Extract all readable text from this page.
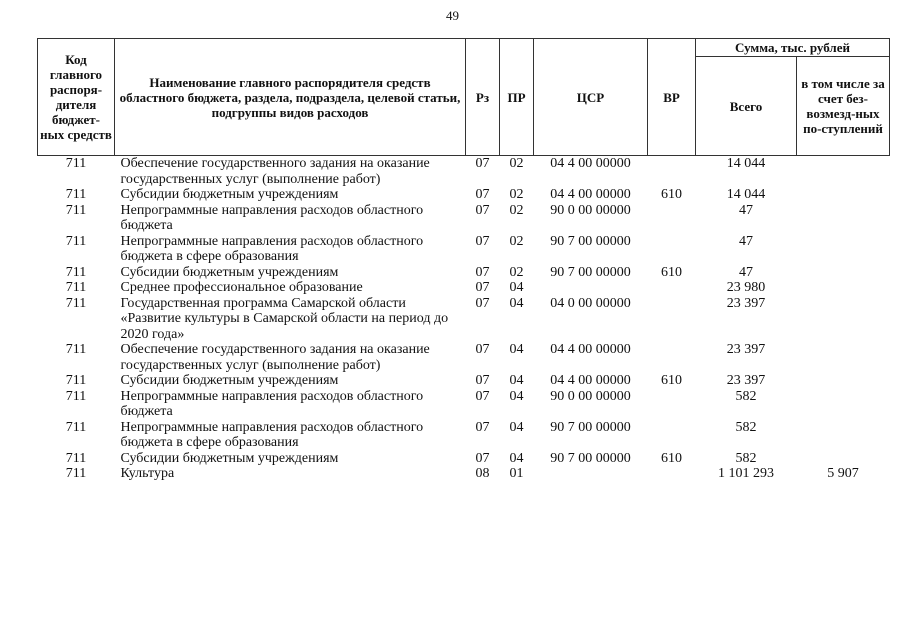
49
Код главного распоря-дителя бюджет-ных средств	Наименование главного распорядителя средств областного бюджета, раздела, подраздела, целевой статьи, подгруппы видов расходов	Рз	ПР	ЦСР	ВР	Сумма, тыс. рублей	
						Всего	в том числе за счет без-возмезд-ных по-ступлений
711	Обеспечение государственного задания на оказание государственных услуг (выполнение работ)	07	02	04 4 00 00000		14 044	
711	Субсидии бюджетным учреждениям	07	02	04 4 00 00000	610	14 044	
711	Непрограммные направления расходов областного бюджета	07	02	90 0 00 00000		47	
711	Непрограммные направления расходов областного бюджета в сфере образования	07	02	90 7 00 00000		47	
711	Субсидии бюджетным учреждениям	07	02	90 7 00 00000	610	47	
711	Среднее профессиональное образование	07	04			23 980	
711	Государственная программа Самарской области «Развитие культуры в Самарской области на период до 2020 года»	07	04	04 0 00 00000		23 397	
711	Обеспечение государственного задания на оказание государственных услуг (выполнение работ)	07	04	04 4 00 00000		23 397	
711	Субсидии бюджетным учреждениям	07	04	04 4 00 00000	610	23 397	
711	Непрограммные направления расходов областного бюджета	07	04	90 0 00 00000		582	
711	Непрограммные направления расходов областного бюджета в сфере образования	07	04	90 7 00 00000		582	
711	Субсидии бюджетным учреждениям	07	04	90 7 00 00000	610	582	
711	Культура	08	01			1 101 293	5 907
